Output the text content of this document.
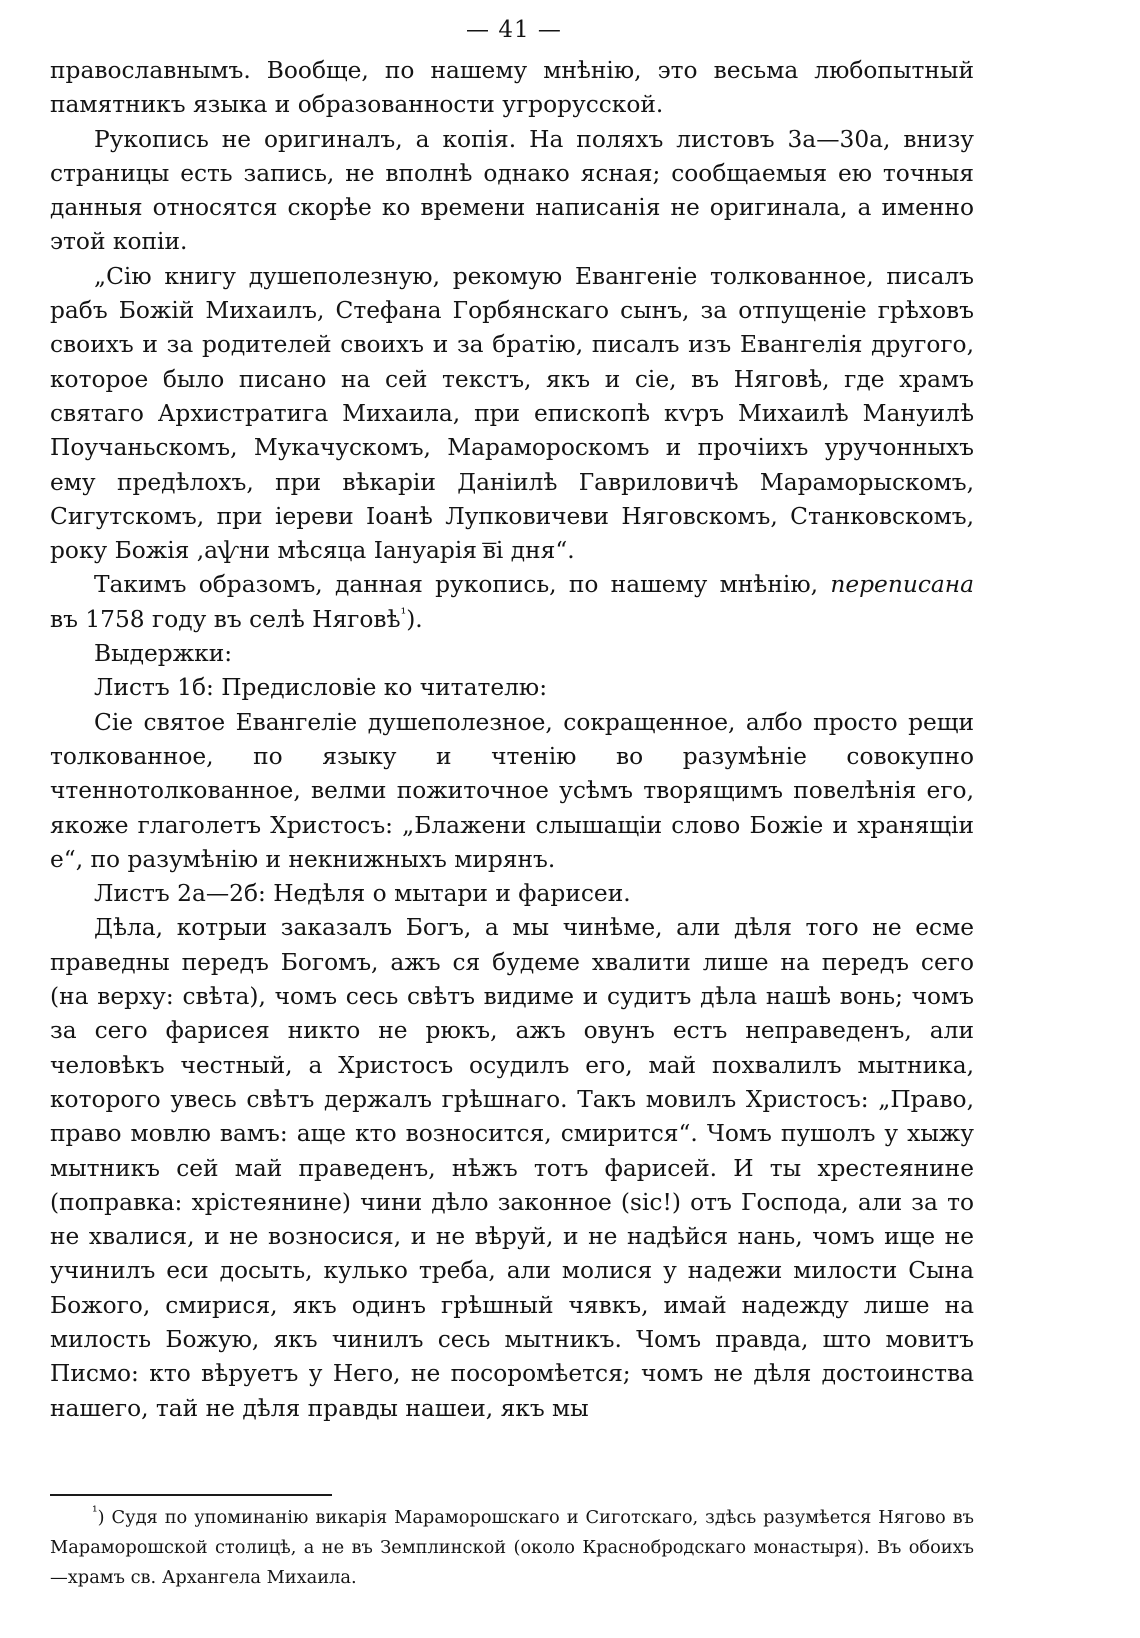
— 41 —

православнымъ. Вообще, по нашему мнѣнію, это весьма любопытный памятникъ языка и образованности угрорусской.

Рукопись не оригиналъ, а копія. На поляхъ листовъ 3а—30а, внизу страницы есть запись, не вполнѣ однако ясная; сообщаемыя ею точныя данныя относятся скорѣе ко времени написанія не оригинала, а именно этой копіи.

„Сію книгу душеполезную, рекомую Евангеніе толкованное, писалъ рабъ Божій Михаилъ, Стефана Горбянскаго сынъ, за отпущеніе грѣховъ своихъ и за родителей своихъ и за братію, писалъ изъ Евангелія другого, которое было писано на сей текстъ, якъ и сіе, въ Няговѣ, где храмъ святаго Архистратига Михаила, при епископѣ кѵръ Михаилѣ Мануилѣ Поучаньскомъ, Мукачускомъ, Марамороскомъ и прочіихъ уручонныхъ ему предѣлохъ, при вѣкаріи Даніилѣ Гавриловичѣ Мараморыскомъ, Сигутскомъ, при іереви Іоанѣ Лупковичеви Няговскомъ, Станковскомъ, року Божія ,аѱни мѣсяца Іануарія ͞ві дня“.

Такимъ образомъ, данная рукопись, по нашему мнѣнію, переписана въ 1758 году въ селѣ Няговѣ$^{^1}$).

Выдержки:

Листъ 1б: Предисловіе ко читателю:

Сіе святое Евангеліе душеполезное, сокращенное, албо просто рещи толкованное, по языку и чтенію во разумѣніе совокупно чтеннотолкованное, велми пожиточное усѣмъ творящимъ повелѣнія его, якоже глаголетъ Христосъ: „Блажени слышащіи слово Божіе и хранящіи е“, по разумѣнію и некнижныхъ мирянъ.

Листъ 2а—2б: Недѣля о мытари и фарисеи.

Дѣла, котрыи заказалъ Богъ, а мы чинѣме, али дѣля того не есме праведны передъ Богомъ, ажъ ся будеме хвалити лише на передъ сего (на верху: свѣта), чомъ сесь свѣтъ видиме и судитъ дѣла нашѣ вонь; чомъ за сего фарисея никто не рюкъ, ажъ овунъ естъ неправеденъ, али человѣкъ честный, а Христосъ осудилъ его, май похвалилъ мытника, которого увесь свѣтъ держалъ грѣшнаго. Такъ мовилъ Христосъ: „Право, право мовлю вамъ: аще кто возносится, смирится“. Чомъ пушолъ у хыжу мытникъ сей май праведенъ, нѣжъ тотъ фарисей. И ты хрестеянине (поправка: хрістеянине) чини дѣло законное (sic!) отъ Господа, али за то не хвалися, и не возносися, и не вѣруй, и не надѣйся нань, чомъ ище не учинилъ еси досыть, кулько треба, али молися у надежи милости Сына Божого, смирися, якъ одинъ грѣшный чявкъ, имай надежду лише на милость Божую, якъ чинилъ сесь мытникъ. Чомъ правда, што мовитъ Писмо: кто вѣруетъ у Него, не посоромѣется; чомъ не дѣля достоинства нашего, тай не дѣля правды нашеи, якъ мы

$^{^1}$) Судя по упоминанію викарія Мараморошскаго и Сиготскаго, здѣсь разумѣется Нягово въ Мараморошской столицѣ, а не въ Земплинской (около Краснобродскаго монастыря). Въ обоихъ—храмъ св. Архангела Михаила.
